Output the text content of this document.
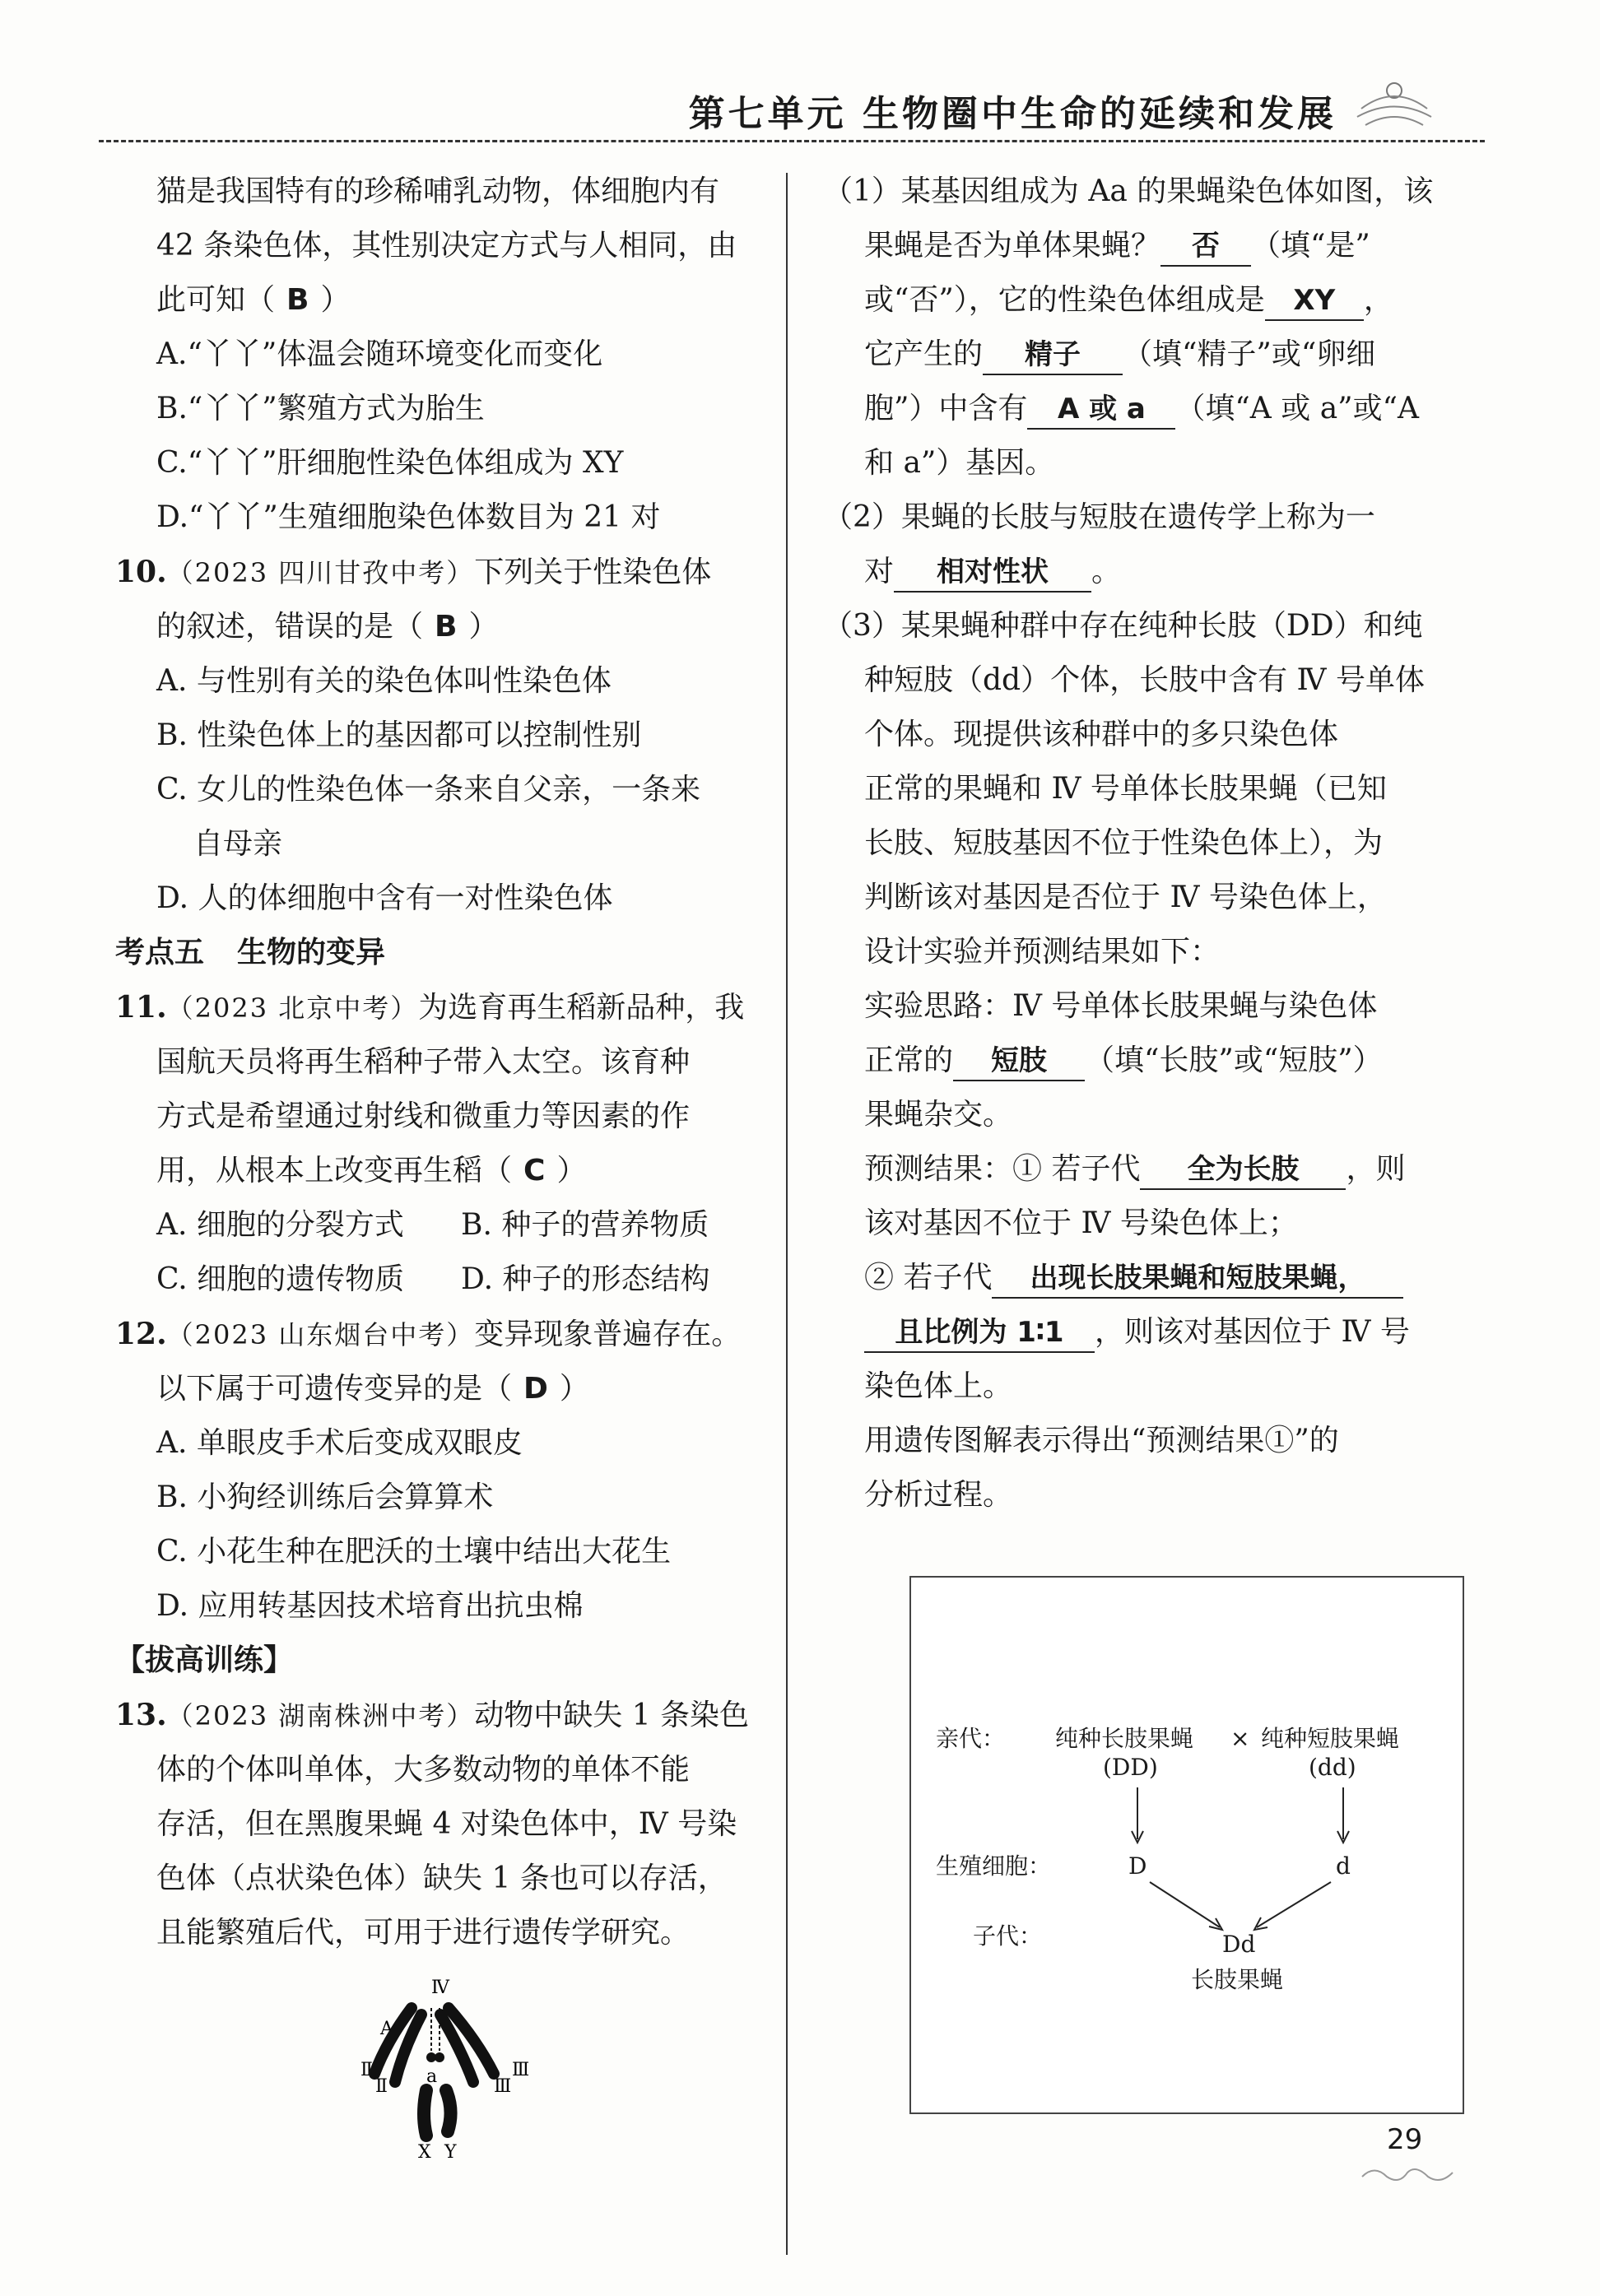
第七单元 生物圈中生命的延续和发展

猫是我国特有的珍稀哺乳动物，体细胞内有

42 条染色体，其性别决定方式与人相同，由

此可知（ B ）

A.“丫丫”体温会随环境变化而变化

B.“丫丫”繁殖方式为胎生

C.“丫丫”肝细胞性染色体组成为 XY

D.“丫丫”生殖细胞染色体数目为 21 对

10.（2023 四川甘孜中考）下列关于性染色体

的叙述，错误的是（ B ）

A. 与性别有关的染色体叫性染色体

B. 性染色体上的基因都可以控制性别

C. 女儿的性染色体一条来自父亲，一条来

自母亲

D. 人的体细胞中含有一对性染色体

考点五 生物的变异

11.（2023 北京中考）为选育再生稻新品种，我

国航天员将再生稻种子带入太空。该育种

方式是希望通过射线和微重力等因素的作

用，从根本上改变再生稻（ C ）

A. 细胞的分裂方式 B. 种子的营养物质

C. 细胞的遗传物质 D. 种子的形态结构

12.（2023 山东烟台中考）变异现象普遍存在。

以下属于可遗传变异的是（ D ）

A. 单眼皮手术后变成双眼皮

B. 小狗经训练后会算算术

C. 小花生种在肥沃的土壤中结出大花生

D. 应用转基因技术培育出抗虫棉

【拔高训练】

13.（2023 湖南株洲中考）动物中缺失 1 条染色

体的个体叫单体，大多数动物的单体不能

存活，但在黑腹果蝇 4 对染色体中，Ⅳ 号染

色体（点状染色体）缺失 1 条也可以存活，

且能繁殖后代，可用于进行遗传学研究。

Ⅳ
A
Ⅱ
Ⅱ a	Ⅲ
Ⅲ
X Y

（1）某基因组成为 Aa 的果蝇染色体如图，该

果蝇是否为单体果蝇？ 否 （填“是”

或“否”），它的性染色体组成是 XY ，

它产生的 精子 （填“精子”或“卵细

胞”）中含有 A 或 a （填“A 或 a”或“A

和 a”）基因。

（2）果蝇的长肢与短肢在遗传学上称为一

对 相对性状 。

（3）某果蝇种群中存在纯种长肢（DD）和纯

种短肢（dd）个体，长肢中含有 Ⅳ 号单体

个体。现提供该种群中的多只染色体

正常的果蝇和 Ⅳ 号单体长肢果蝇（已知

长肢、短肢基因不位于性染色体上），为

判断该对基因是否位于 Ⅳ 号染色体上，

设计实验并预测结果如下：

实验思路：Ⅳ 号单体长肢果蝇与染色体

正常的 短肢 （填“长肢”或“短肢”）

果蝇杂交。

预测结果：① 若子代 全为长肢 ，则

该对基因不位于 Ⅳ 号染色体上；

② 若子代 出现长肢果蝇和短肢果蝇，

且比例为 1∶1 ，则该对基因位于 Ⅳ 号

染色体上。

用遗传图解表示得出“预测结果①”的

分析过程。

亲代： 纯种长肢果蝇 × 纯种短肢果蝇
(DD)	(dd)
生殖细胞：	D	d
子代：	Dd
长肢果蝇
29
